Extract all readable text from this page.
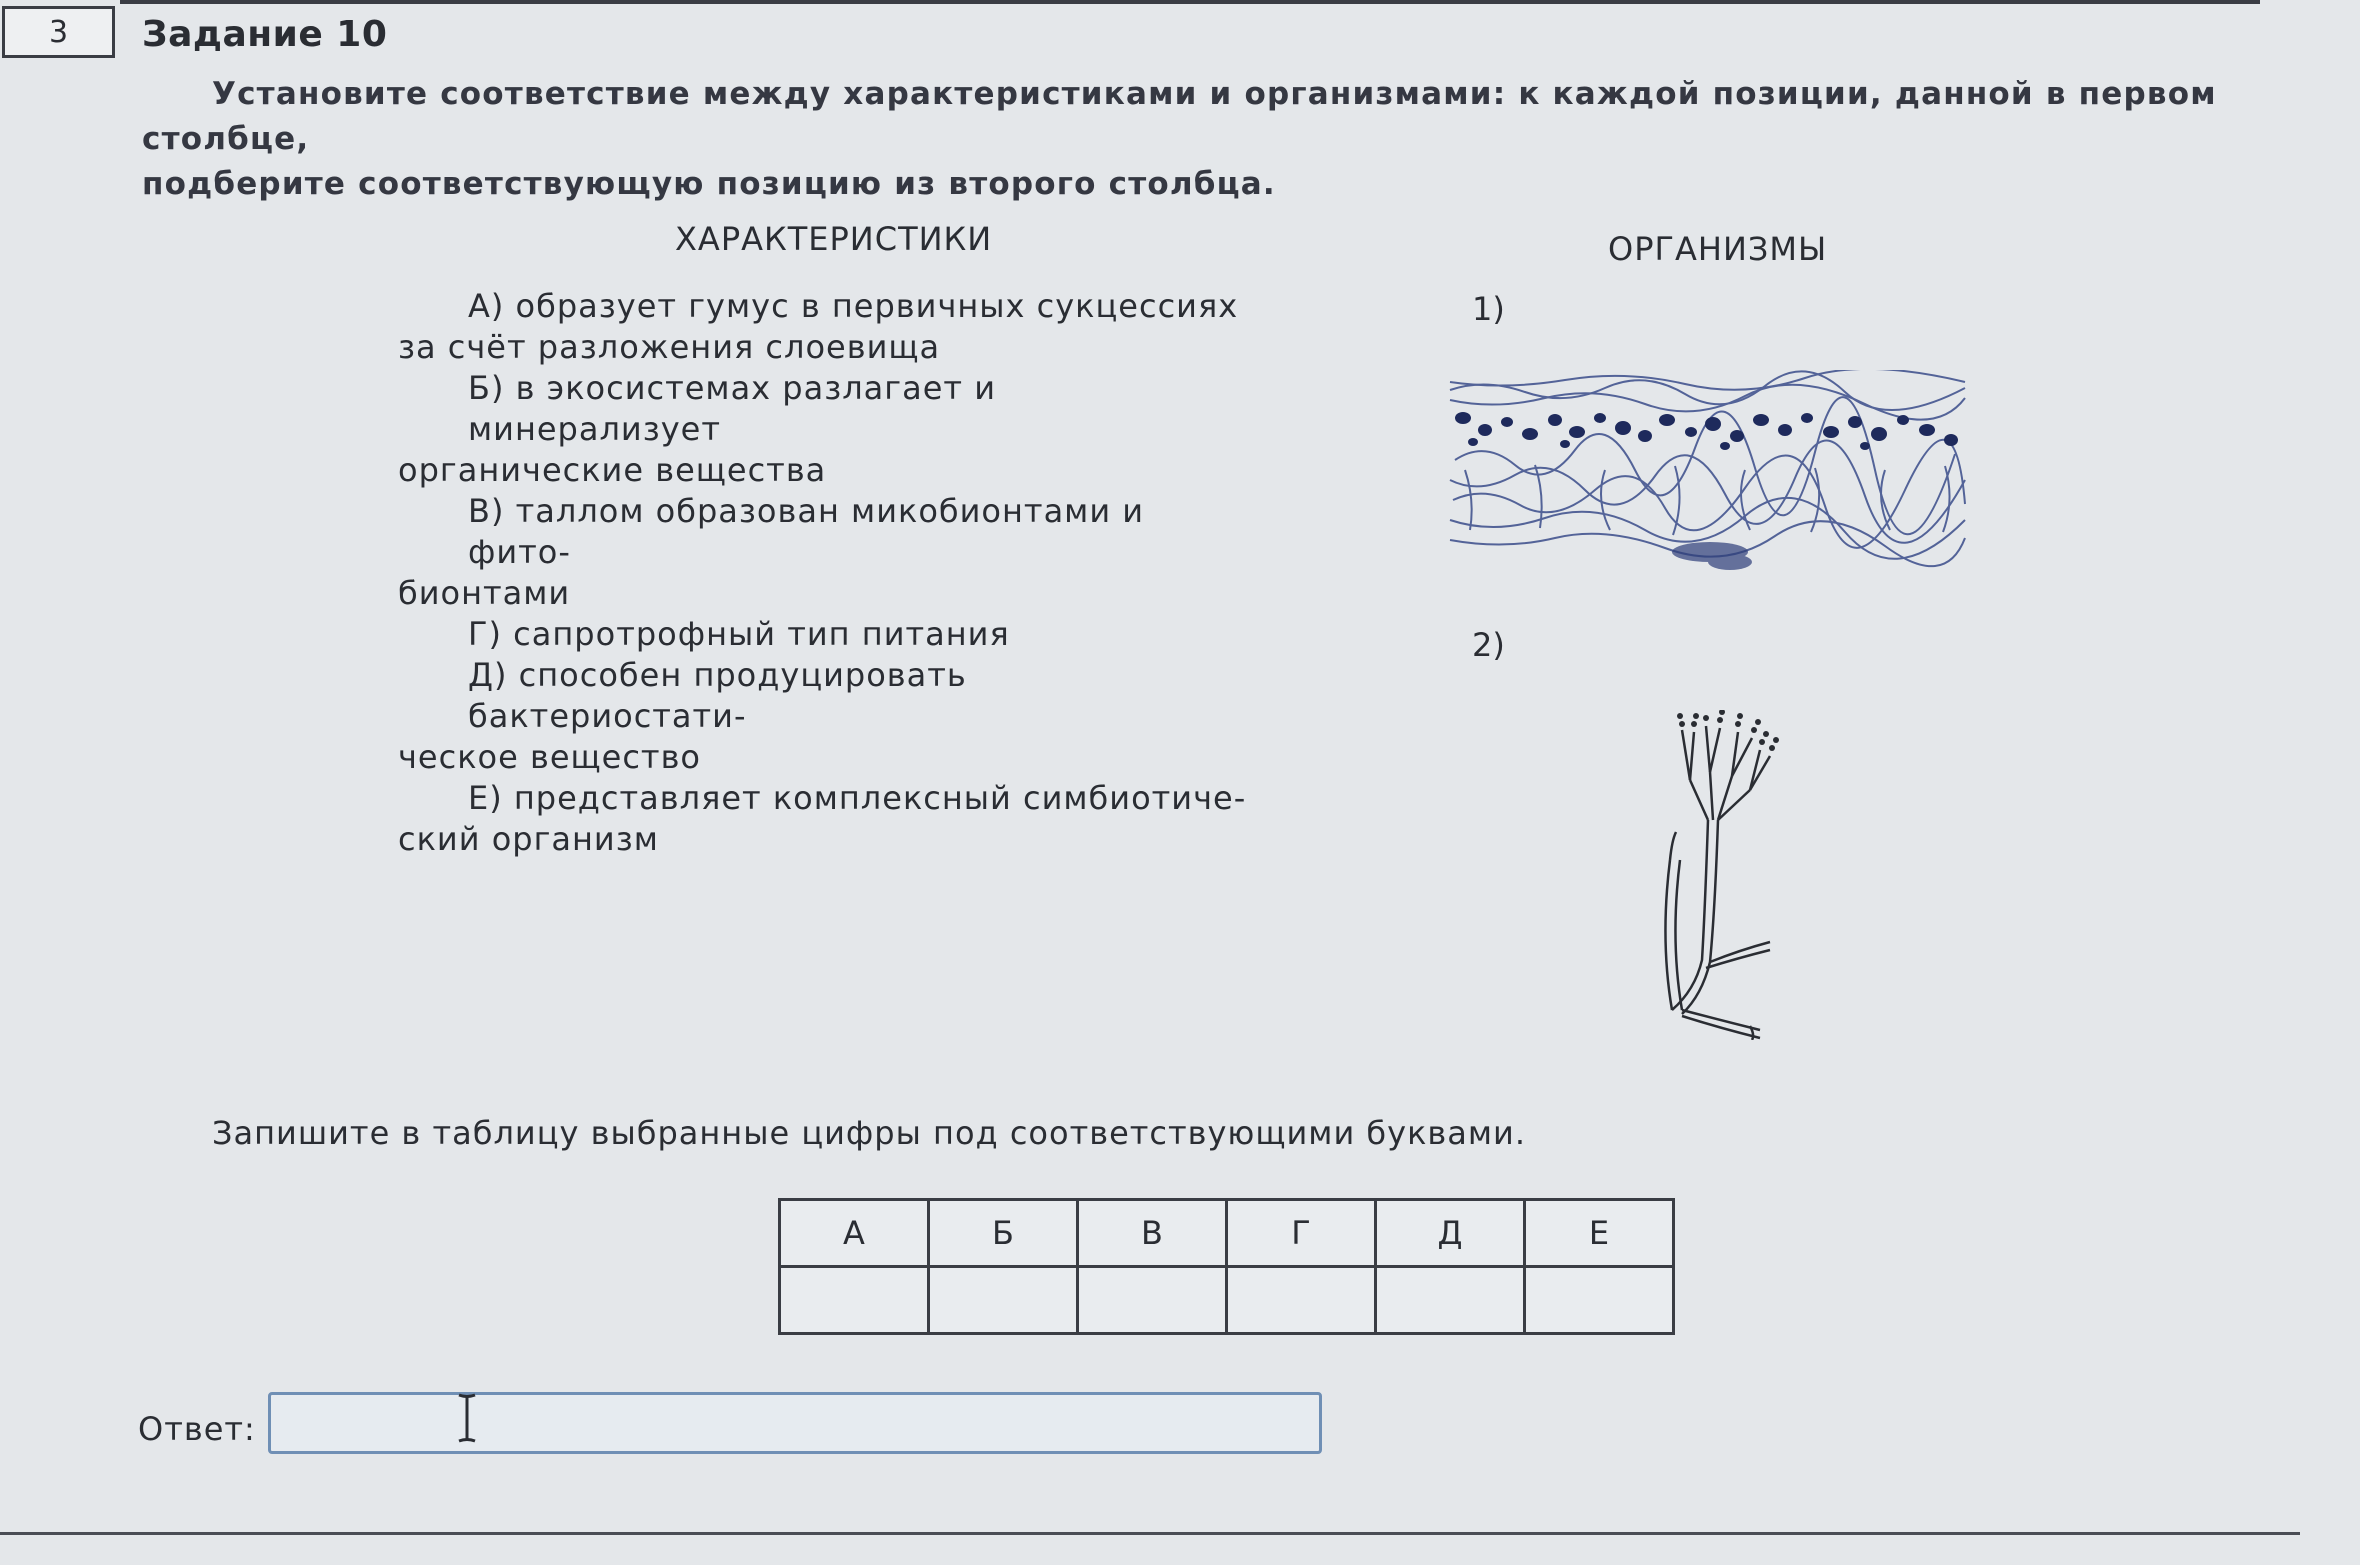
3 Задание 10
Установите соответствие между характеристиками и организмами: к каждой позиции, данной в первом столбце,
подберите соответствующую позицию из второго столбца.
ХАРАКТЕРИСТИКИ	ОРГАНИЗМЫ
А) образует гумус в первичных сукцессиях
за счёт разложения слоевища
Б) в экосистемах разлагает и минерализует
органические вещества
В) таллом образован микобионтами и фито-
бионтами
Г) сапротрофный тип питания
Д) способен продуцировать бактериостати-
ческое вещество
Е) представляет комплексный симбиотиче-
ский организм
1)
2)
Запишите в таблицу выбранные цифры под соответствующими буквами.
А	Б	В	Г	Д	Е

Ответ:
